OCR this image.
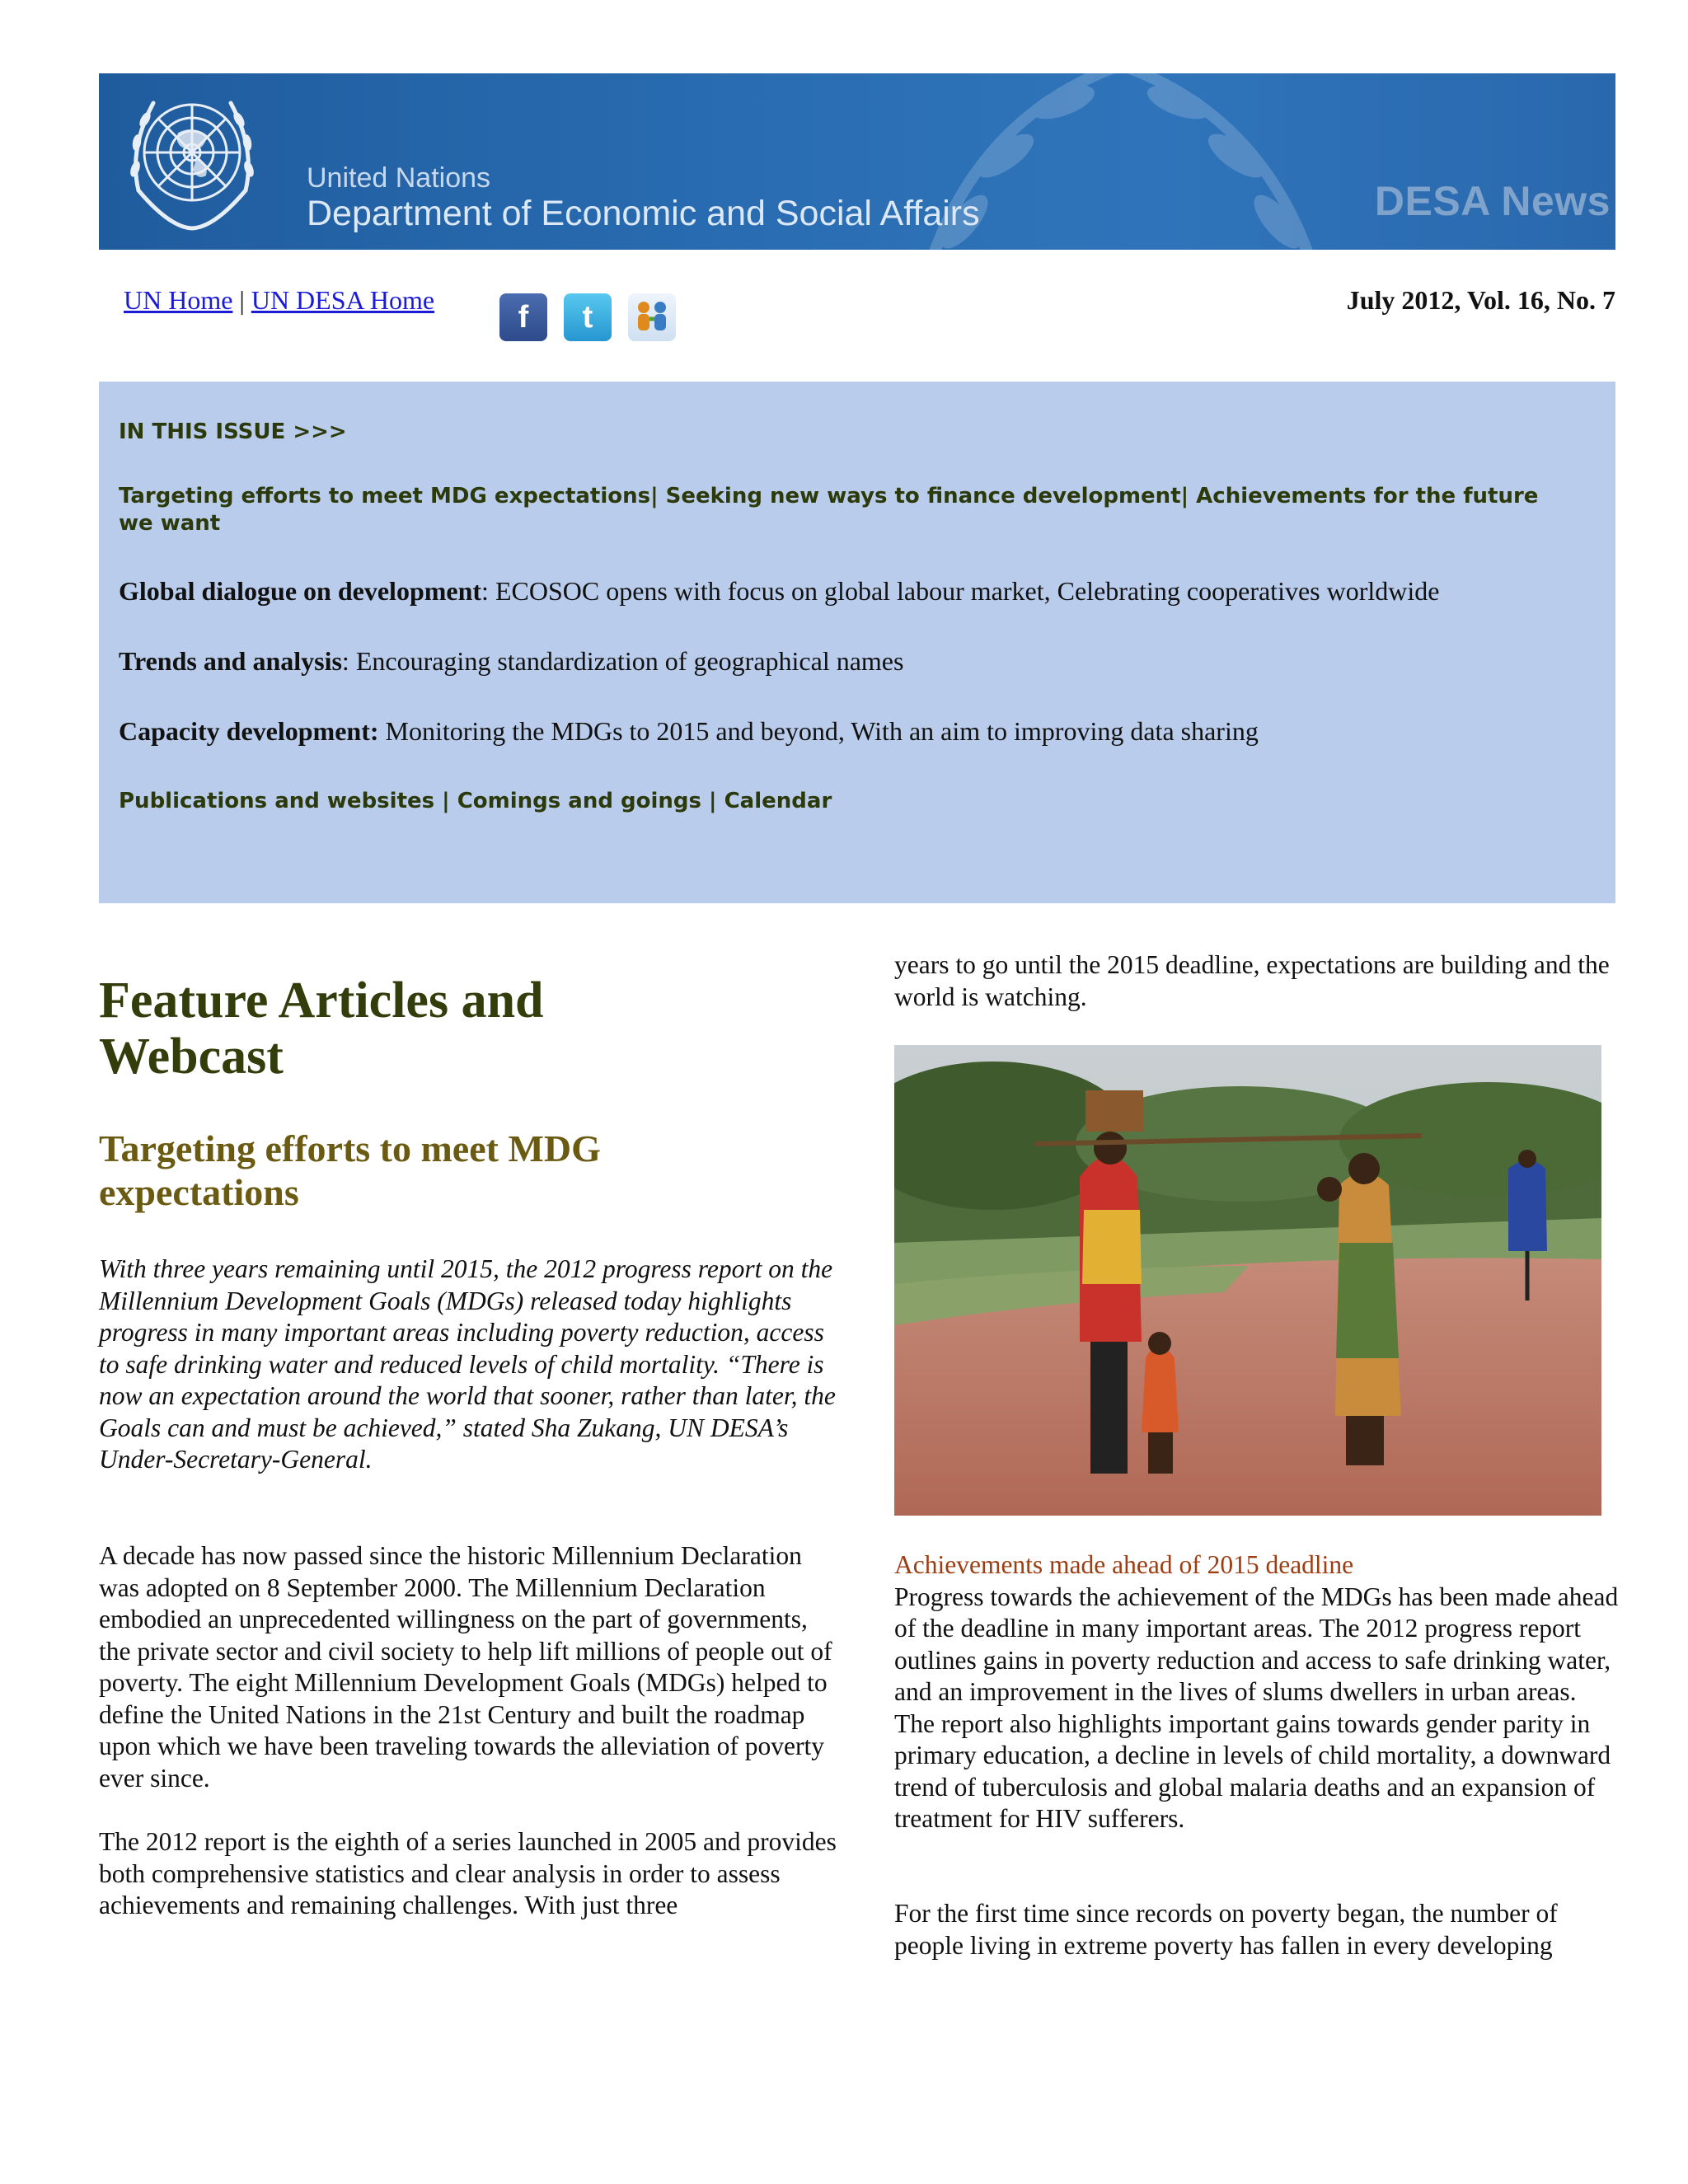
United Nations
Department of Economic and Social Affairs	DESA News
UN Home | UN DESA Home	f	t	July 2012, Vol. 16, No. 7
IN THIS ISSUE >>>
Targeting efforts to meet MDG expectations| Seeking new ways to finance development| Achievements for the future
we want
Global dialogue on development: ECOSOC opens with focus on global labour market, Celebrating cooperatives worldwide
Trends and analysis: Encouraging standardization of geographical names
Capacity development: Monitoring the MDGs to 2015 and beyond, With an aim to improving data sharing
Publications and websites | Comings and goings | Calendar
Feature Articles and Webcast
Targeting efforts to meet MDG expectations
With three years remaining until 2015, the 2012 progress report on the Millennium Development Goals (MDGs) released today highlights progress in many important areas including poverty reduction, access to safe drinking water and reduced levels of child mortality. “There is now an expectation around the world that sooner, rather than later, the Goals can and must be achieved,” stated Sha Zukang, UN DESA’s Under-Secretary-General.
A decade has now passed since the historic Millennium Declaration was adopted on 8 September 2000. The Millennium Declaration embodied an unprecedented willingness on the part of governments, the private sector and civil society to help lift millions of people out of poverty. The eight Millennium Development Goals (MDGs) helped to define the United Nations in the 21st Century and built the roadmap upon which we have been traveling towards the alleviation of poverty ever since.
The 2012 report is the eighth of a series launched in 2005 and provides both comprehensive statistics and clear analysis in order to assess achievements and remaining challenges. With just three
years to go until the 2015 deadline, expectations are building and the world is watching.
Achievements made ahead of 2015 deadline
Progress towards the achievement of the MDGs has been made ahead of the deadline in many important areas. The 2012 progress report outlines gains in poverty reduction and access to safe drinking water, and an improvement in the lives of slums dwellers in urban areas. The report also highlights important gains towards gender parity in primary education, a decline in levels of child mortality, a downward trend of tuberculosis and global malaria deaths and an expansion of treatment for HIV sufferers.
For the first time since records on poverty began, the number of people living in extreme poverty has fallen in every developing
